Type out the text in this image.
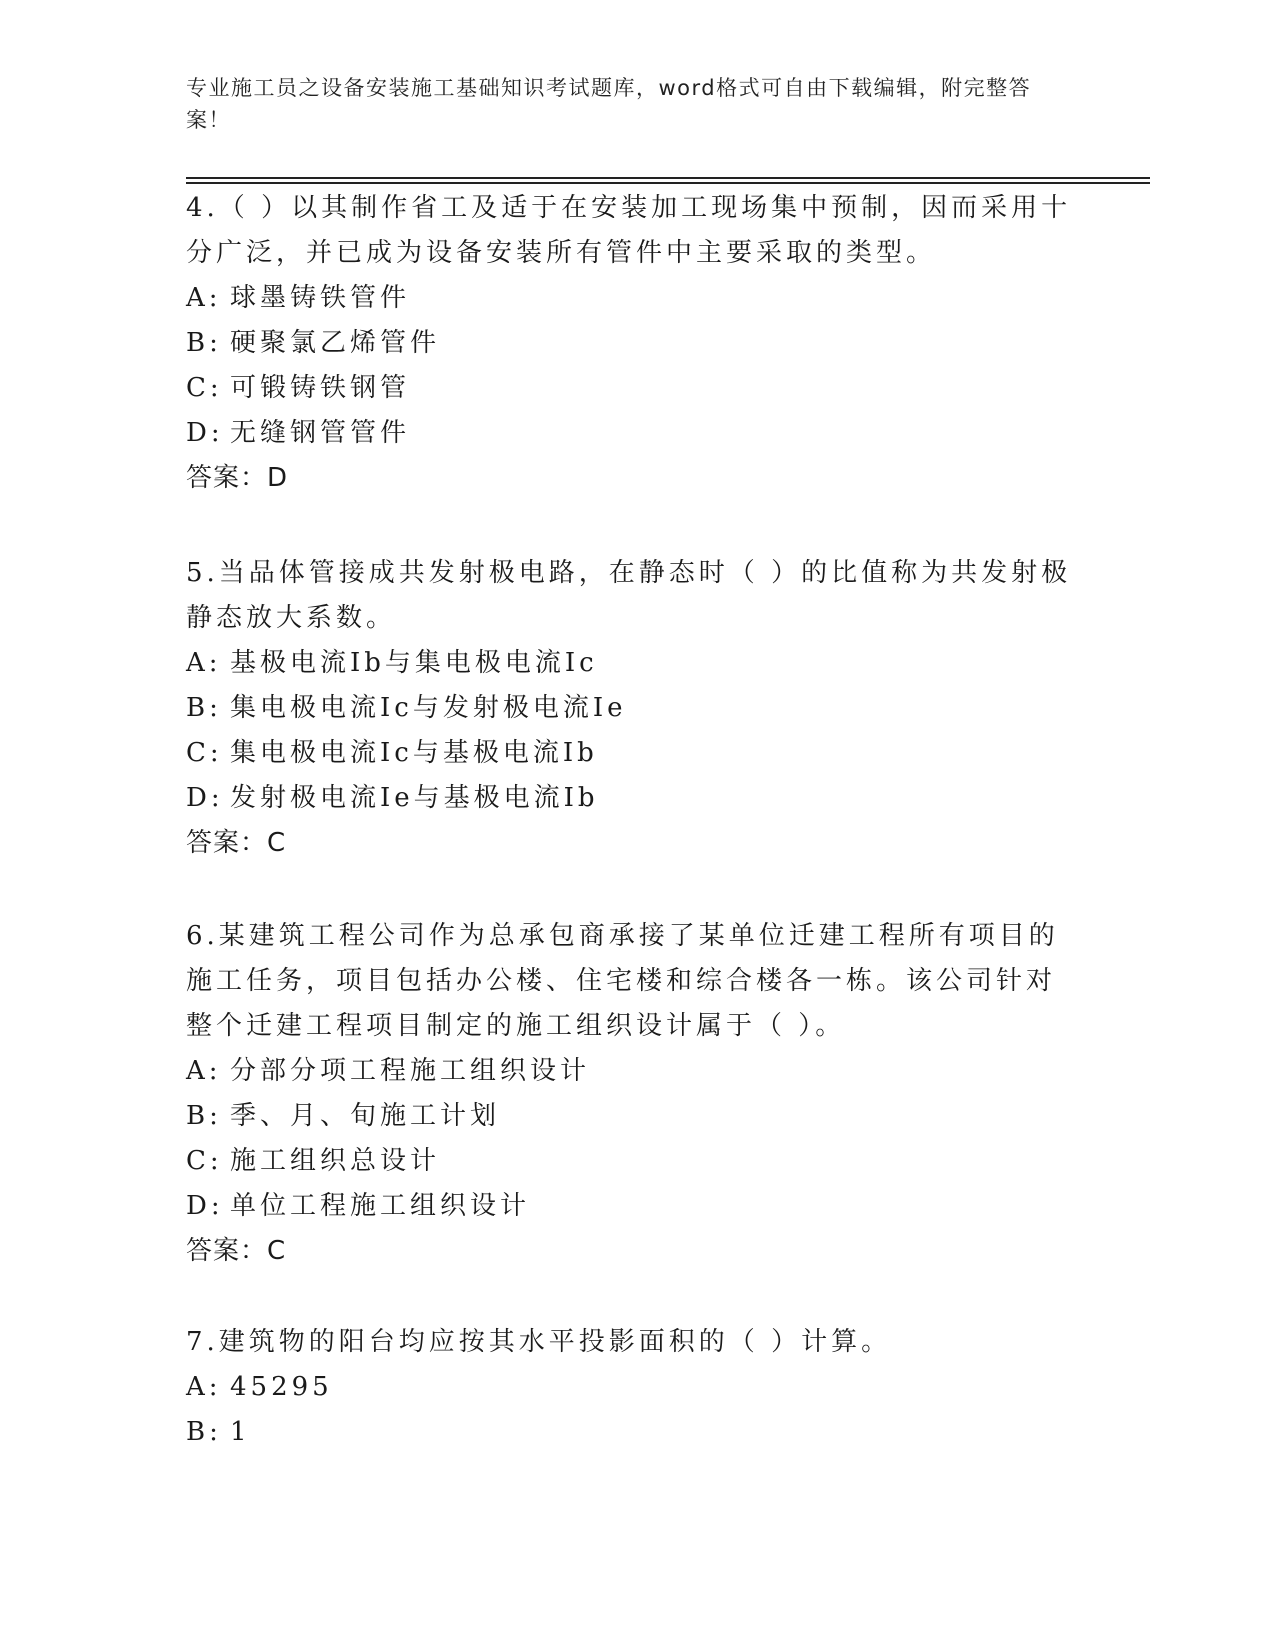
专业施工员之设备安装施工基础知识考试题库，word格式可自由下载编辑，附完整答案！

4.（ ）以其制作省工及适于在安装加工现场集中预制，因而采用十分广泛，并已成为设备安装所有管件中主要采取的类型。

A: 球墨铸铁管件

B: 硬聚氯乙烯管件

C: 可锻铸铁钢管

D: 无缝钢管管件

答案：D

5.当品体管接成共发射极电路，在静态时（ ）的比值称为共发射极静态放大系数。

A: 基极电流Ib与集电极电流Ic

B: 集电极电流Ic与发射极电流Ie

C: 集电极电流Ic与基极电流Ib

D: 发射极电流Ie与基极电流Ib

答案：C

6.某建筑工程公司作为总承包商承接了某单位迁建工程所有项目的施工任务，项目包括办公楼、住宅楼和综合楼各一栋。该公司针对整个迁建工程项目制定的施工组织设计属于（ ）。

A: 分部分项工程施工组织设计

B: 季、月、旬施工计划

C: 施工组织总设计

D: 单位工程施工组织设计

答案：C

7.建筑物的阳台均应按其水平投影面积的（ ）计算。

A: 45295

B: 1
